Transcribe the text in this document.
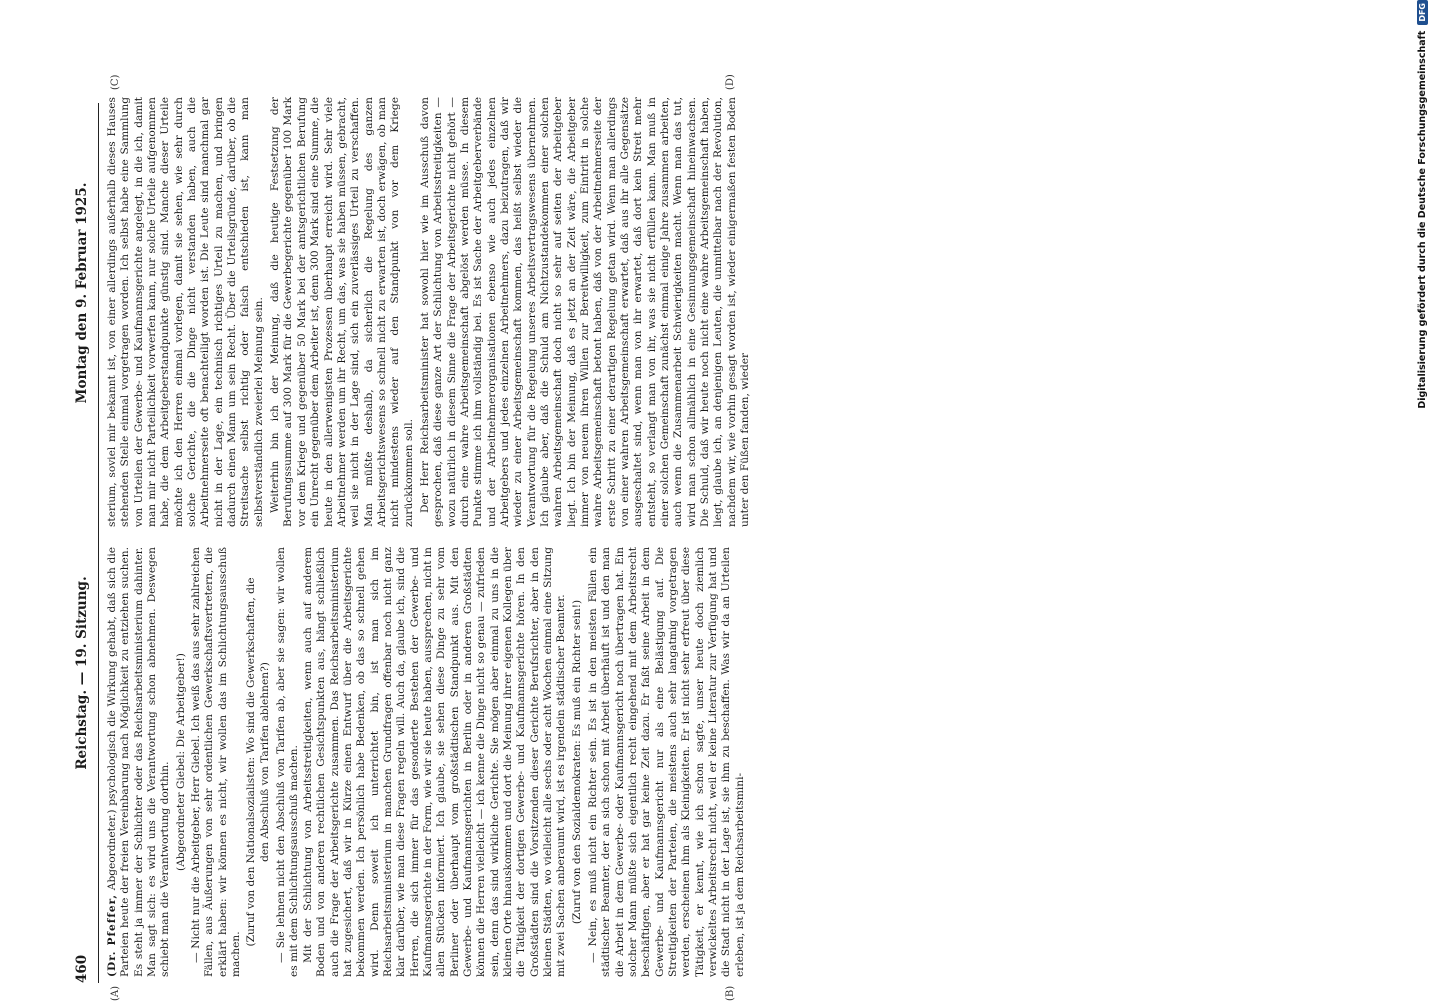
460
Reichstag. — 19. Sitzung.
Montag den 9. Februar 1925.
(A)	(B)
(C)	(D)

(Dr. Pfeffer, Abgeordneter.) psychologisch die Wirkung gehabt, daß sich die Parteien heute der freien Vereinbarung nach Möglichkeit zu entziehen suchen. Es steht ja immer der Schlichter oder das Reichsarbeitsministerium dahinter. Man sagt sich: es wird uns die Verantwortung schon abnehmen. Deswegen schiebt man die Verantwortung dorthin. (Abgeordneter Giebel: Die Arbeitgeber!) — Nicht nur die Arbeitgeber, Herr Giebel. Ich weiß das aus sehr zahlreichen Fällen, aus Äußerungen von sehr ordentlichen Gewerkschaftsvertretern, die erklärt haben: wir können es nicht, wir wollen das im Schlichtungsausschuß machen.

(Zuruf von den Nationalsozialisten: Wo sind die Gewerkschaften, die den Abschluß von Tarifen ablehnen?) — Sie lehnen nicht den Abschluß von Tarifen ab, aber sie sagen: wir wollen es mit dem Schlichtungsausschuß machen. Mit der Schlichtung von Arbeitsstreitigkeiten, wenn auch auf anderem Boden und von anderen rechtlichen Gesichtspunkten aus, hängt schließlich auch die Frage der Arbeitsgerichte zusammen. Das Reichsarbeitsministerium hat zugesichert, daß wir in Kürze einen Entwurf über die Arbeitsgerichte bekommen werden. Ich persönlich habe Bedenken, ob das so schnell gehen wird. Denn soweit ich unterrichtet bin, ist man sich im Reichsarbeitsministerium in manchen Grundfragen offenbar noch nicht ganz klar darüber, wie man diese Fragen regeln will. Auch da, glaube ich, sind die Herren, die sich immer für das gesonderte Bestehen der Gewerbe- und Kaufmannsgerichte in der Form, wie wir sie heute haben, aussprechen, nicht in allen Stücken informiert. Ich glaube, sie sehen diese Dinge zu sehr vom Berliner oder überhaupt vom großstädtischen Standpunkt aus. Mit den Gewerbe- und Kaufmannsgerichten in Berlin oder in anderen Großstädten können die Herren vielleicht — ich kenne die Dinge nicht so genau — zufrieden sein, denn das sind wirkliche Gerichte. Sie mögen aber einmal zu uns in die kleinen Orte hinauskommen und dort die Meinung ihrer eigenen Kollegen über die Tätigkeit der dortigen Gewerbe- und Kaufmannsgerichte hören. In den Großstädten sind die Vorsitzenden dieser Gerichte Berufsrichter, aber in den kleinen Städten, wo vielleicht alle sechs oder acht Wochen einmal eine Sitzung mit zwei Sachen anberaumt wird, ist es irgendein städtischer Beamter. (Zuruf von den Sozialdemokraten: Es muß ein Richter sein!) — Nein, es muß nicht ein Richter sein. Es ist in den meisten Fällen ein städtischer Beamter, der an sich schon mit Arbeit überhäuft ist und den man die Arbeit in dem Gewerbe- oder Kaufmannsgericht noch übertragen hat. Ein solcher Mann müßte sich eigentlich recht eingehend mit dem Arbeitsrecht beschäftigen, aber er hat gar keine Zeit dazu. Er faßt seine Arbeit in dem Gewerbe- und Kaufmannsgericht nur als eine Belästigung auf. Die Streitigkeiten der Parteien, die meistens auch sehr langatmig vorgetragen werden, erscheinen ihm als Kleinigkeiten. Er ist nicht sehr erfreut über diese Tätigkeit, er kennt, wie ich schon sagte, unser heute doch ziemlich verwickeltes Arbeitsrecht nicht, weil er keine Literatur zur Verfügung hat und die Stadt nicht in der Lage ist, sie ihm zu beschaffen. Was wir da an Urteilen erleben, ist ja dem Reichsarbeitsmini-

sterium, soviel mir bekannt ist, von einer allerdings außerhalb dieses Hauses stehenden Stelle einmal vorgetragen worden. Ich selbst habe eine Sammlung von Urteilen der Gewerbe- und Kaufmannsgerichte angelegt, in die ich, damit man mir nicht Parteilichkeit vorwerfen kann, nur solche Urteile aufgenommen habe, die dem Arbeitgeberstandpunkte günstig sind. Manche dieser Urteile möchte ich den Herren einmal vorlegen, damit sie sehen, wie sehr durch solche Gerichte, die die Dinge nicht verstanden haben, auch die Arbeitnehmerseite oft benachteiligt worden ist. Die Leute sind manchmal gar nicht in der Lage, ein technisch richtiges Urteil zu machen, und bringen dadurch einen Mann um sein Recht. Über die Urteilsgründe, darüber, ob die Streitsache selbst richtig oder falsch entschieden ist, kann man selbstverständlich zweierlei Meinung sein. Weiterhin bin ich der Meinung, daß die heutige Festsetzung der Berufungssumme auf 300 Mark für die Gewerbegerichte gegenüber 100 Mark vor dem Kriege und gegenüber 50 Mark bei der amtsgerichtlichen Berufung ein Unrecht gegenüber dem Arbeiter ist, denn 300 Mark sind eine Summe, die heute in den allerwenigsten Prozessen überhaupt erreicht wird. Sehr viele Arbeitnehmer werden um ihr Recht, um das, was sie haben müssen, gebracht, weil sie nicht in der Lage sind, sich ein zuverlässiges Urteil zu verschaffen. Man müßte deshalb, da sicherlich die Regelung des ganzen Arbeitsgerichtswesens so schnell nicht zu erwarten ist, doch erwägen, ob man nicht mindestens wieder auf den Standpunkt von vor dem Kriege zurückkommen soll. Der Herr Reichsarbeitsminister hat sowohl hier wie im Ausschuß davon gesprochen, daß diese ganze Art der Schlichtung von Arbeitsstreitigkeiten — wozu natürlich in diesem Sinne die Frage der Arbeitsgerichte nicht gehört — durch eine wahre Arbeitsgemeinschaft abgelöst werden müsse. In diesem Punkte stimme ich ihm vollständig bei. Es ist Sache der Arbeitgeberverbände und der Arbeitnehmerorganisationen ebenso wie auch jedes einzelnen Arbeitgebers und jedes einzelnen Arbeitnehmers, dazu beizutragen, daß wir wieder zu einer Arbeitsgemeinschaft kommen, das heißt selbst wieder die Verantwortung für die Regelung unseres Arbeitsvertragswesens übernehmen. Ich glaube aber, daß die Schuld am Nichtzustandekommen einer solchen wahren Arbeitsgemeinschaft doch nicht so sehr auf seiten der Arbeitgeber liegt. Ich bin der Meinung, daß es jetzt an der Zeit wäre, die Arbeitgeber immer von neuem ihren Willen zur Bereitwilligkeit, zum Eintritt in solche wahre Arbeitsgemeinschaft betont haben, daß von der Arbeitnehmerseite der erste Schritt zu einer derartigen Regelung getan wird. Wenn man allerdings von einer wahren Arbeitsgemeinschaft erwartet, daß aus ihr alle Gegensätze ausgeschaltet sind, wenn man von ihr erwartet, daß dort kein Streit mehr entsteht, so verlangt man von ihr, was sie nicht erfüllen kann. Man muß in einer solchen Gemeinschaft zunächst einmal einige Jahre zusammen arbeiten, auch wenn die Zusammenarbeit Schwierigkeiten macht. Wenn man das tut, wird man schon allmählich in eine Gesinnungsgemeinschaft hineinwachsen. Die Schuld, daß wir heute noch nicht eine wahre Arbeitsgemeinschaft haben, liegt, glaube ich, an denjenigen Leuten, die unmittelbar nach der Revolution, nachdem wir, wie vorhin gesagt worden ist, wieder einigermaßen festen Boden unter den Füßen fanden, wieder

Digitalisierung gefördert durch die Deutsche Forschungsgemeinschaft
DFG
